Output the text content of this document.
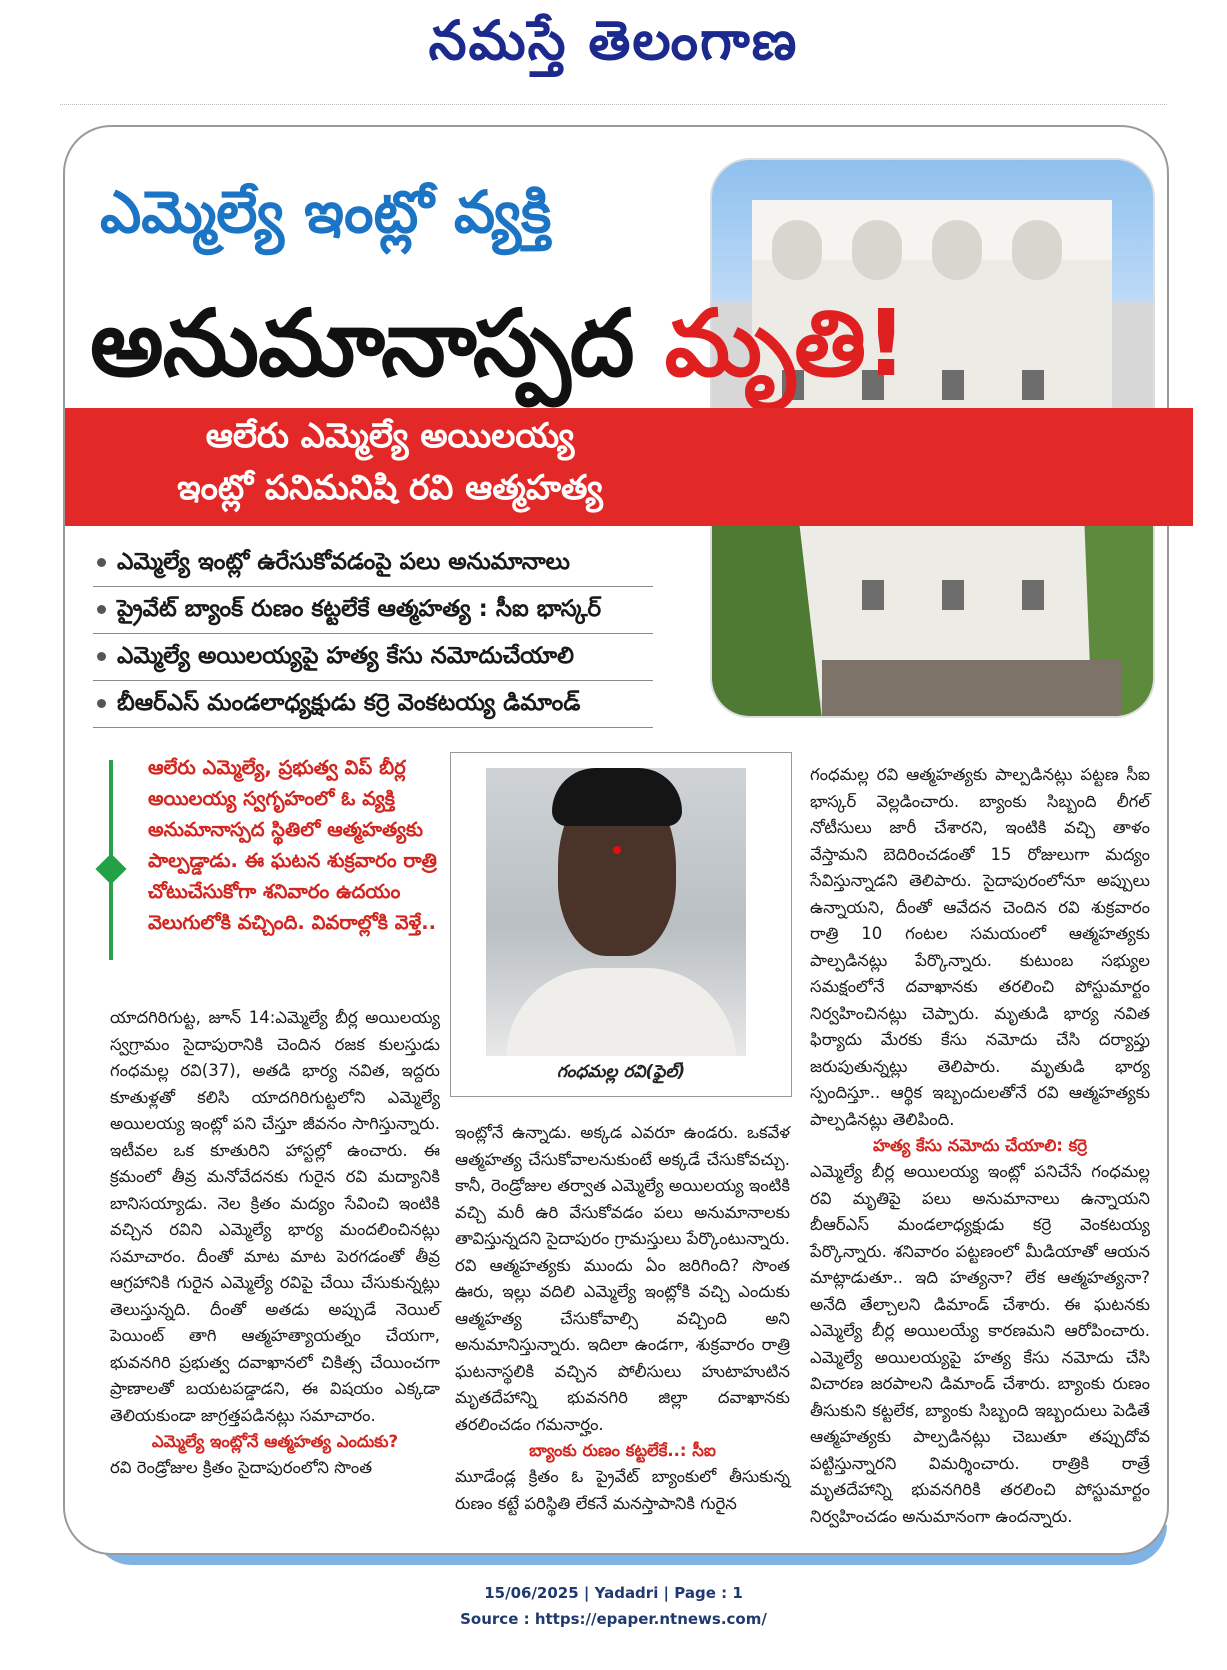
నమస్తే తెలంగాణ
ఎమ్మెల్యే ఇంట్లో వ్యక్తి
అనుమానాస్పద మృతి!
ఆలేరు ఎమ్మెల్యే అయిలయ్య
ఇంట్లో పనిమనిషి రవి ఆత్మహత్య
ఎమ్మెల్యే ఇంట్లో ఉరేసుకోవడంపై పలు అనుమానాలు
ప్రైవేట్ బ్యాంక్ రుణం కట్టలేకే ఆత్మహత్య : సీఐ భాస్కర్
ఎమ్మెల్యే అయిలయ్యపై హత్య కేసు నమోదుచేయాలి
బీఆర్ఎస్ మండలాధ్యక్షుడు కర్రె వెంకటయ్య డిమాండ్
ఆలేరు ఎమ్మెల్యే, ప్రభుత్వ విప్ బీర్ల అయిలయ్య స్వగృహంలో ఓ వ్యక్తి అనుమానాస్పద స్థితిలో ఆత్మహత్యకు పాల్పడ్డాడు. ఈ ఘటన శుక్రవారం రాత్రి చోటుచేసుకోగా శనివారం ఉదయం వెలుగులోకి వచ్చింది. వివరాల్లోకి వెళ్తే..
గంధమల్ల రవి(ఫైల్)

యాదగిరిగుట్ట, జూన్ 14:ఎమ్మెల్యే బీర్ల అయిలయ్య స్వగ్రామం సైదాపురానికి చెందిన రజక కులస్తుడు గంధమల్ల రవి(37), అతడి భార్య నవిత, ఇద్దరు కూతుళ్లతో కలిసి యాదగిరిగుట్టలోని ఎమ్మెల్యే అయిలయ్య ఇంట్లో పని చేస్తూ జీవనం సాగిస్తున్నారు. ఇటీవల ఒక కూతురిని హాస్టల్లో ఉంచారు. ఈ క్రమంలో తీవ్ర మనోవేదనకు గురైన రవి మద్యానికి బానిసయ్యాడు. నెల క్రితం మద్యం సేవించి ఇంటికి వచ్చిన రవిని ఎమ్మెల్యే భార్య మందలించినట్లు సమాచారం. దీంతో మాట మాట పెరగడంతో తీవ్ర ఆగ్రహానికి గురైన ఎమ్మెల్యే రవిపై చేయి చేసుకున్నట్లు తెలుస్తున్నది. దీంతో అతడు అప్పుడే నెయిల్ పెయింట్ తాగి ఆత్మహత్యాయత్నం చేయగా, భువనగిరి ప్రభుత్వ దవాఖానలో చికిత్స చేయించగా ప్రాణాలతో బయటపడ్డాడని, ఈ విషయం ఎక్కడా తెలియకుండా జాగ్రత్తపడినట్లు సమాచారం.

ఎమ్మెల్యే ఇంట్లోనే ఆత్మహత్య ఎందుకు?

రవి రెండ్రోజుల క్రితం సైదాపురంలోని సొంత

ఇంట్లోనే ఉన్నాడు. అక్కడ ఎవరూ ఉండరు. ఒకవేళ ఆత్మహత్య చేసుకోవాలనుకుంటే అక్కడే చేసుకోవచ్చు. కానీ, రెండ్రోజుల తర్వాత ఎమ్మెల్యే అయిలయ్య ఇంటికి వచ్చి మరీ ఉరి వేసుకోవడం పలు అనుమానాలకు తావిస్తున్నదని సైదాపురం గ్రామస్తులు పేర్కొంటున్నారు. రవి ఆత్మహత్యకు ముందు ఏం జరిగింది? సొంత ఊరు, ఇల్లు వదిలి ఎమ్మెల్యే ఇంట్లోకి వచ్చి ఎందుకు ఆత్మహత్య చేసుకోవాల్సి వచ్చింది అని అనుమానిస్తున్నారు. ఇదిలా ఉండగా, శుక్రవారం రాత్రి ఘటనాస్థలికి వచ్చిన పోలీసులు హుటాహుటిన మృతదేహాన్ని భువనగిరి జిల్లా దవాఖానకు తరలించడం గమనార్హం.

బ్యాంకు రుణం కట్టలేకే..: సీఐ

మూడేండ్ల క్రితం ఓ ప్రైవేట్ బ్యాంకులో తీసుకున్న రుణం కట్టే పరిస్థితి లేకనే మనస్తాపానికి గురైన

గంధమల్ల రవి ఆత్మహత్యకు పాల్పడినట్లు పట్టణ సీఐ భాస్కర్ వెల్లడించారు. బ్యాంకు సిబ్బంది లీగల్ నోటీసులు జారీ చేశారని, ఇంటికి వచ్చి తాళం వేస్తామని బెదిరించడంతో 15 రోజులుగా మద్యం సేవిస్తున్నాడని తెలిపారు. సైదాపురంలోనూ అప్పులు ఉన్నాయని, దీంతో ఆవేదన చెందిన రవి శుక్రవారం రాత్రి 10 గంటల సమయంలో ఆత్మహత్యకు పాల్పడినట్లు పేర్కొన్నారు. కుటుంబ సభ్యుల సమక్షంలోనే దవాఖానకు తరలించి పోస్టుమార్టం నిర్వహించినట్లు చెప్పారు. మృతుడి భార్య నవిత ఫిర్యాదు మేరకు కేసు నమోదు చేసి దర్యాప్తు జరుపుతున్నట్లు తెలిపారు. మృతుడి భార్య స్పందిస్తూ.. ఆర్థిక ఇబ్బందులతోనే రవి ఆత్మహత్యకు పాల్పడినట్లు తెలిపింది.

హత్య కేసు నమోదు చేయాలి: కర్రె

ఎమ్మెల్యే బీర్ల అయిలయ్య ఇంట్లో పనిచేసే గంధమల్ల రవి మృతిపై పలు అనుమానాలు ఉన్నాయని బీఆర్ఎస్ మండలాధ్యక్షుడు కర్రె వెంకటయ్య పేర్కొన్నారు. శనివారం పట్టణంలో మీడియాతో ఆయన మాట్లాడుతూ.. ఇది హత్యనా? లేక ఆత్మహత్యనా? అనేది తేల్చాలని డిమాండ్ చేశారు. ఈ ఘటనకు ఎమ్మెల్యే బీర్ల అయిలయ్యే కారణమని ఆరోపించారు. ఎమ్మెల్యే అయిలయ్యపై హత్య కేసు నమోదు చేసి విచారణ జరపాలని డిమాండ్ చేశారు. బ్యాంకు రుణం తీసుకుని కట్టలేక, బ్యాంకు సిబ్బంది ఇబ్బందులు పెడితే ఆత్మహత్యకు పాల్పడినట్లు చెబుతూ తప్పుదోవ పట్టిస్తున్నారని విమర్శించారు. రాత్రికి రాత్రే మృతదేహాన్ని భువనగిరికి తరలించి పోస్టుమార్టం నిర్వహించడం అనుమానంగా ఉందన్నారు.

15/06/2025 | Yadadri | Page : 1
Source : https://epaper.ntnews.com/
